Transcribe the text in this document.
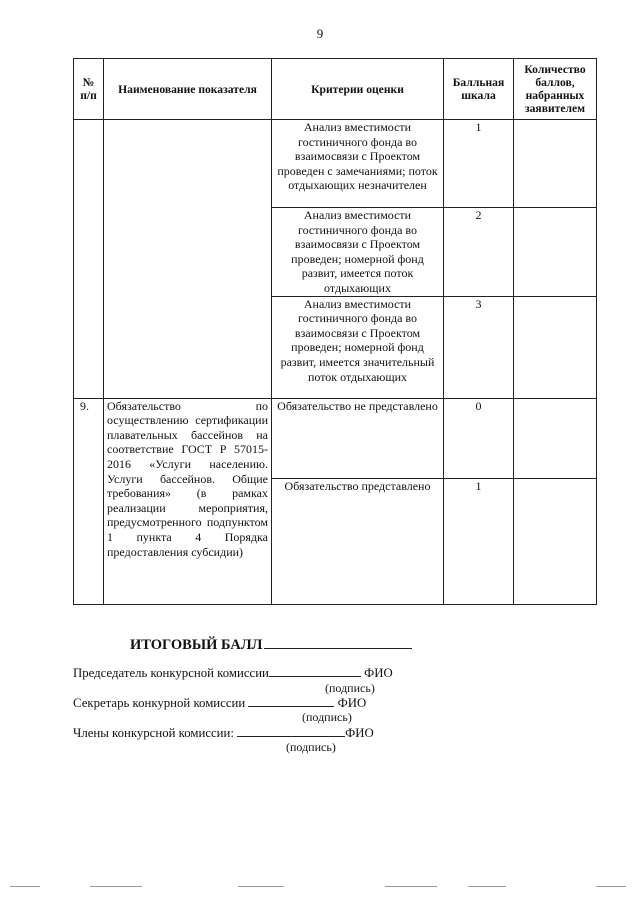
9
№ п/п	Наименование показателя	Критерии оценки	Балльная шкала	Количество баллов, набранных заявителем
		Анализ вместимости гостиничного фонда во взаимосвязи с Проектом проведен с замечаниями; поток отдыхающих незначителен	1	
		Анализ вместимости гостиничного фонда во взаимосвязи с Проектом проведен; номерной фонд развит, имеется поток отдыхающих	2	
		Анализ вместимости гостиничного фонда во взаимосвязи с Проектом проведен; номерной фонд развит, имеется значительный поток отдыхающих	3	
9.	Обязательство по осуществлению сертификации плавательных бассейнов на соответствие ГОСТ Р 57015-2016 «Услуги населению. Услуги бассейнов. Общие требования» (в рамках реализации мероприятия, предусмотренного подпунктом 1 пункта 4 Порядка предоставления субсидии)	Обязательство не представлено	0	
		Обязательство представлено	1	
ИТОГОВЫЙ БАЛЛ
Председатель конкурсной комиссии	ФИО
(подпись)
Секретарь конкурной комиссии	ФИО
(подпись)
Члены конкурсной комиссии:	ФИО
(подпись)
